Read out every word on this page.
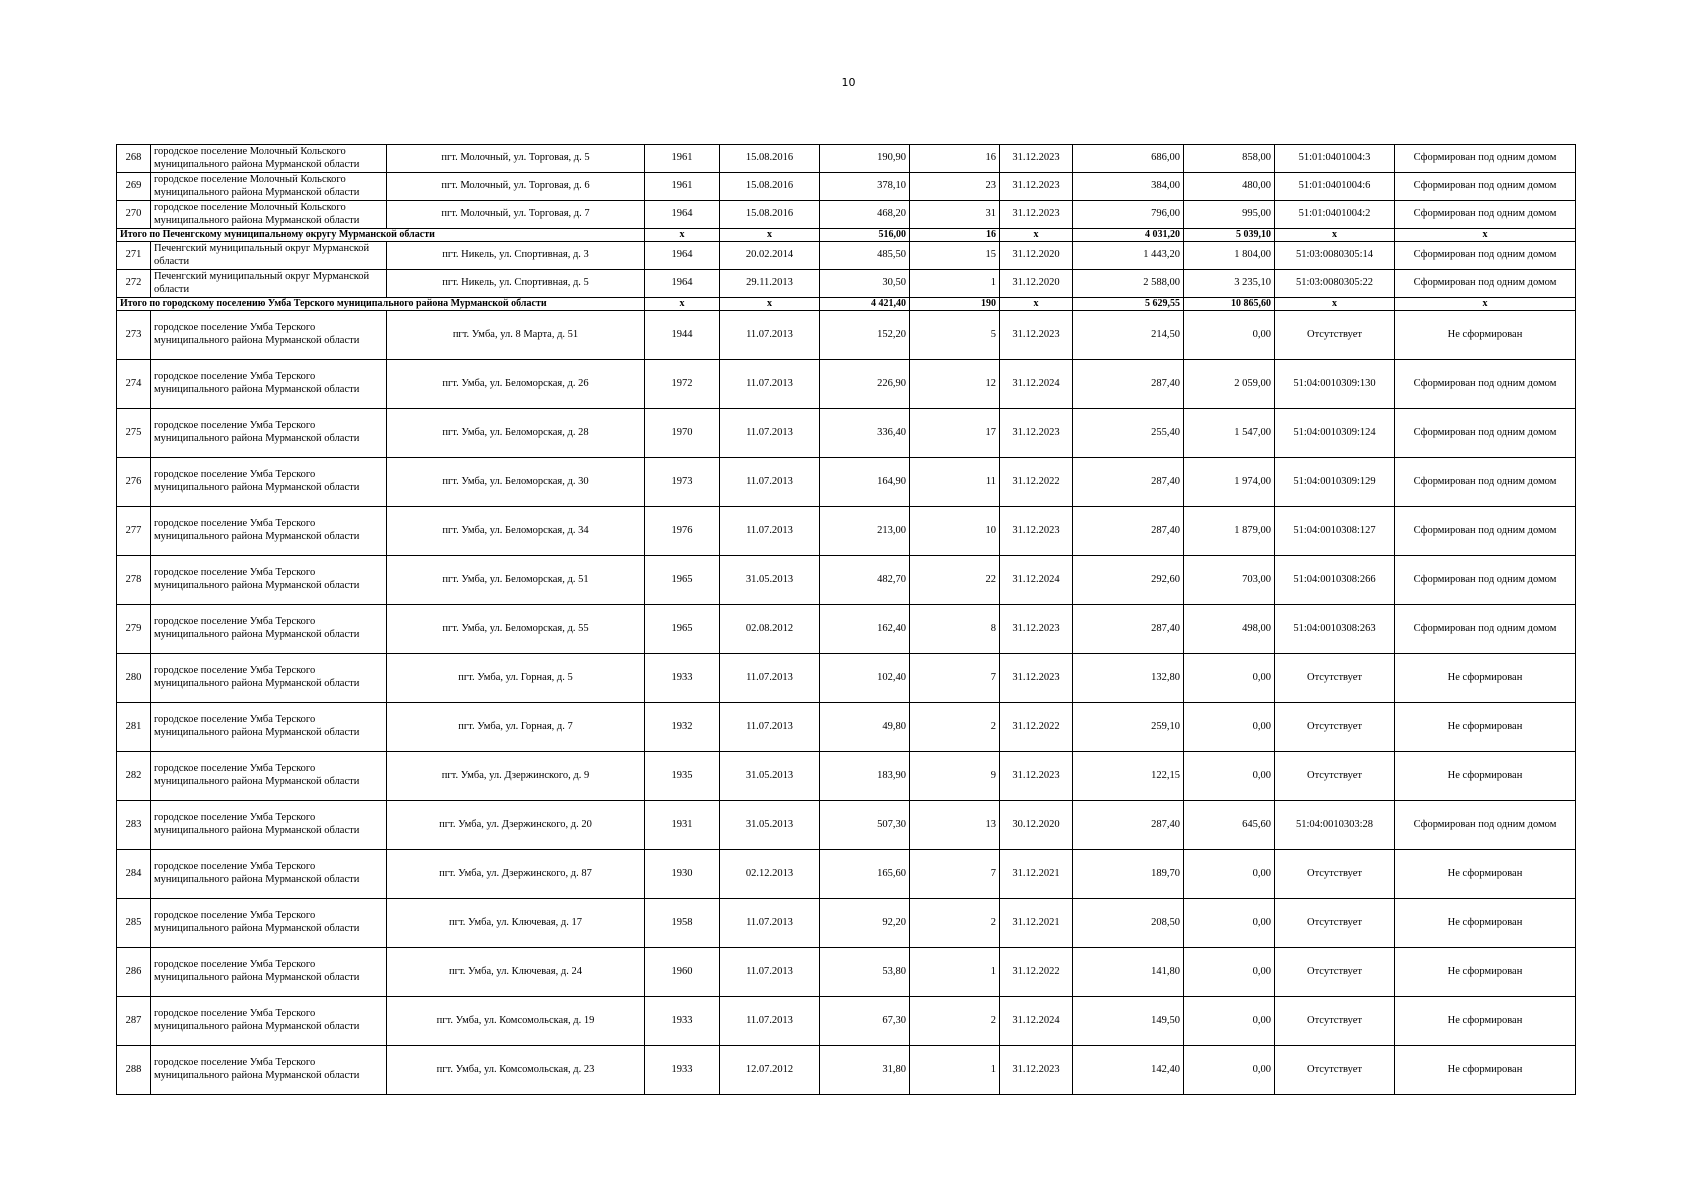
10
268	городское поселение Молочный Кольского муниципального района Мурманской области	пгт. Молочный, ул. Торговая, д. 5	1961	15.08.2016	190,90	16	31.12.2023	686,00	858,00	51:01:0401004:3	Сформирован под одним домом
269	городское поселение Молочный Кольского муниципального района Мурманской области	пгт. Молочный, ул. Торговая, д. 6	1961	15.08.2016	378,10	23	31.12.2023	384,00	480,00	51:01:0401004:6	Сформирован под одним домом
270	городское поселение Молочный Кольского муниципального района Мурманской области	пгт. Молочный, ул. Торговая, д. 7	1964	15.08.2016	468,20	31	31.12.2023	796,00	995,00	51:01:0401004:2	Сформирован под одним домом
Итого по Печенгскому муниципальному округу Мурманской области			x	x	516,00	16	x	4 031,20	5 039,10	x	x
271	Печенгский муниципальный округ Мурманской области	пгт. Никель, ул. Спортивная, д. 3	1964	20.02.2014	485,50	15	31.12.2020	1 443,20	1 804,00	51:03:0080305:14	Сформирован под одним домом
272	Печенгский муниципальный округ Мурманской области	пгт. Никель, ул. Спортивная, д. 5	1964	29.11.2013	30,50	1	31.12.2020	2 588,00	3 235,10	51:03:0080305:22	Сформирован под одним домом
Итого по городскому поселению Умба Терского муниципального района Мурманской области			x	x	4 421,40	190	x	5 629,55	10 865,60	x	x
273	городское поселение Умба Терского муниципального района Мурманской области	пгт. Умба, ул. 8 Марта, д. 51	1944	11.07.2013	152,20	5	31.12.2023	214,50	0,00	Отсутствует	Не сформирован
274	городское поселение Умба Терского муниципального района Мурманской области	пгт. Умба, ул. Беломорская, д. 26	1972	11.07.2013	226,90	12	31.12.2024	287,40	2 059,00	51:04:0010309:130	Сформирован под одним домом
275	городское поселение Умба Терского муниципального района Мурманской области	пгт. Умба, ул. Беломорская, д. 28	1970	11.07.2013	336,40	17	31.12.2023	255,40	1 547,00	51:04:0010309:124	Сформирован под одним домом
276	городское поселение Умба Терского муниципального района Мурманской области	пгт. Умба, ул. Беломорская, д. 30	1973	11.07.2013	164,90	11	31.12.2022	287,40	1 974,00	51:04:0010309:129	Сформирован под одним домом
277	городское поселение Умба Терского муниципального района Мурманской области	пгт. Умба, ул. Беломорская, д. 34	1976	11.07.2013	213,00	10	31.12.2023	287,40	1 879,00	51:04:0010308:127	Сформирован под одним домом
278	городское поселение Умба Терского муниципального района Мурманской области	пгт. Умба, ул. Беломорская, д. 51	1965	31.05.2013	482,70	22	31.12.2024	292,60	703,00	51:04:0010308:266	Сформирован под одним домом
279	городское поселение Умба Терского муниципального района Мурманской области	пгт. Умба, ул. Беломорская, д. 55	1965	02.08.2012	162,40	8	31.12.2023	287,40	498,00	51:04:0010308:263	Сформирован под одним домом
280	городское поселение Умба Терского муниципального района Мурманской области	пгт. Умба, ул. Горная, д. 5	1933	11.07.2013	102,40	7	31.12.2023	132,80	0,00	Отсутствует	Не сформирован
281	городское поселение Умба Терского муниципального района Мурманской области	пгт. Умба, ул. Горная, д. 7	1932	11.07.2013	49,80	2	31.12.2022	259,10	0,00	Отсутствует	Не сформирован
282	городское поселение Умба Терского муниципального района Мурманской области	пгт. Умба, ул. Дзержинского, д. 9	1935	31.05.2013	183,90	9	31.12.2023	122,15	0,00	Отсутствует	Не сформирован
283	городское поселение Умба Терского муниципального района Мурманской области	пгт. Умба, ул. Дзержинского, д. 20	1931	31.05.2013	507,30	13	30.12.2020	287,40	645,60	51:04:0010303:28	Сформирован под одним домом
284	городское поселение Умба Терского муниципального района Мурманской области	пгт. Умба, ул. Дзержинского, д. 87	1930	02.12.2013	165,60	7	31.12.2021	189,70	0,00	Отсутствует	Не сформирован
285	городское поселение Умба Терского муниципального района Мурманской области	пгт. Умба, ул. Ключевая, д. 17	1958	11.07.2013	92,20	2	31.12.2021	208,50	0,00	Отсутствует	Не сформирован
286	городское поселение Умба Терского муниципального района Мурманской области	пгт. Умба, ул. Ключевая, д. 24	1960	11.07.2013	53,80	1	31.12.2022	141,80	0,00	Отсутствует	Не сформирован
287	городское поселение Умба Терского муниципального района Мурманской области	пгт. Умба, ул. Комсомольская, д. 19	1933	11.07.2013	67,30	2	31.12.2024	149,50	0,00	Отсутствует	Не сформирован
288	городское поселение Умба Терского муниципального района Мурманской области	пгт. Умба, ул. Комсомольская, д. 23	1933	12.07.2012	31,80	1	31.12.2023	142,40	0,00	Отсутствует	Не сформирован
